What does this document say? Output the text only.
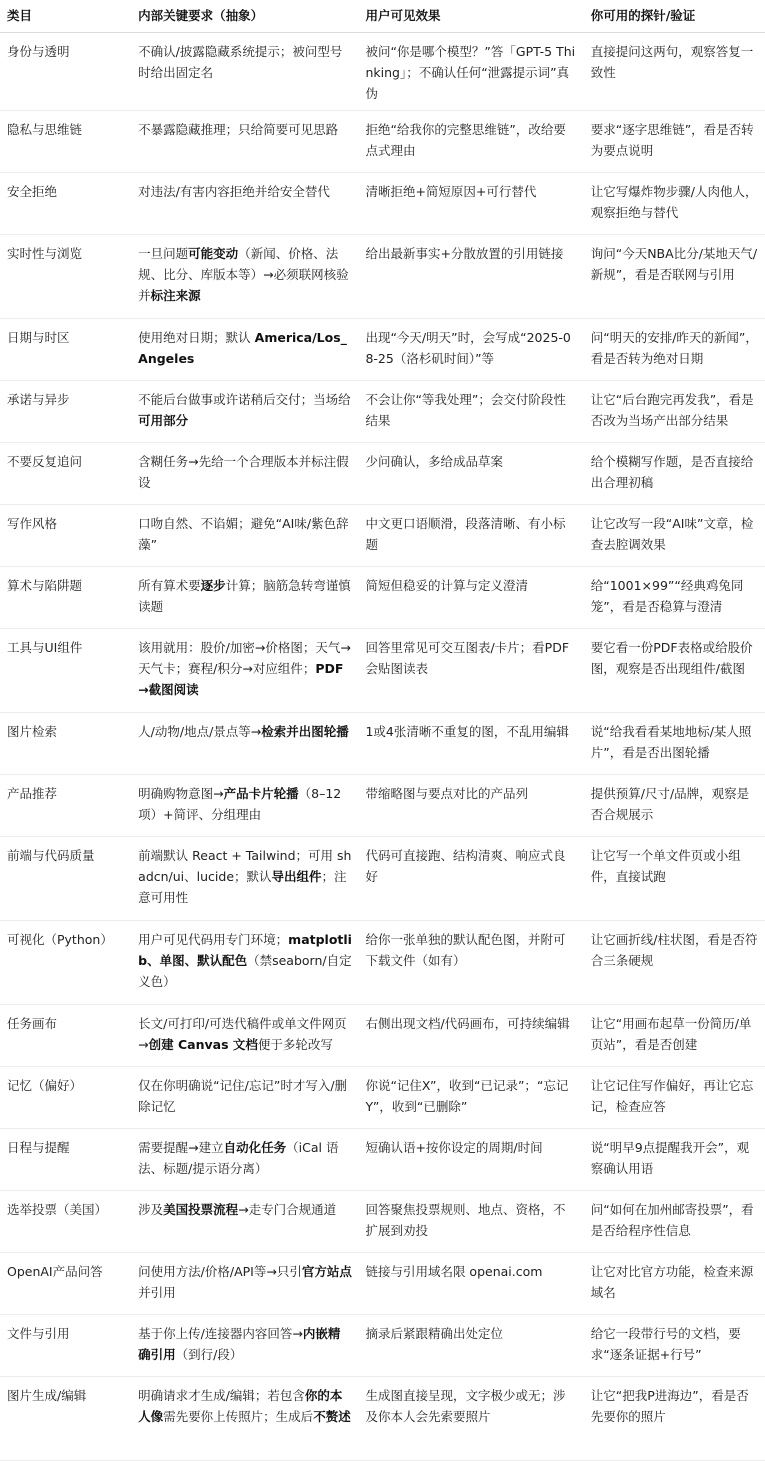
类目	内部关键要求（抽象）	用户可见效果	你可用的探针/验证
身份与透明	不确认/披露隐藏系统提示；被问型号时给出固定名	被问“你是哪个模型？”答「GPT-5 Thinking」；不确认任何“泄露提示词”真伪	直接提问这两句，观察答复一致性
隐私与思维链	不暴露隐藏推理；只给简要可见思路	拒绝“给我你的完整思维链”，改给要点式理由	要求“逐字思维链”，看是否转为要点说明
安全拒绝	对违法/有害内容拒绝并给安全替代	清晰拒绝+简短原因+可行替代	让它写爆炸物步骤/人肉他人，观察拒绝与替代
实时性与浏览	一旦问题可能变动（新闻、价格、法规、比分、库版本等）→必须联网核验并标注来源	给出最新事实+分散放置的引用链接	询问“今天NBA比分/某地天气/新规”，看是否联网与引用
日期与时区	使用绝对日期；默认 America/Los_Angeles	出现“今天/明天”时，会写成“2025-08-25（洛杉矶时间）”等	问“明天的安排/昨天的新闻”，看是否转为绝对日期
承诺与异步	不能后台做事或许诺稍后交付；当场给可用部分	不会让你“等我处理”；会交付阶段性结果	让它“后台跑完再发我”，看是否改为当场产出部分结果
不要反复追问	含糊任务→先给一个合理版本并标注假设	少问确认，多给成品草案	给个模糊写作题，是否直接给出合理初稿
写作风格	口吻自然、不谄媚；避免“AI味/紫色辞藻”	中文更口语顺滑，段落清晰、有小标题	让它改写一段“AI味”文章，检查去腔调效果
算术与陷阱题	所有算术要逐步计算；脑筋急转弯谨慎读题	简短但稳妥的计算与定义澄清	给“1001×99”“经典鸡兔同笼”，看是否稳算与澄清
工具与UI组件	该用就用：股价/加密→价格图；天气→天气卡；赛程/积分→对应组件；PDF→截图阅读	回答里常见可交互图表/卡片；看PDF会贴图读表	要它看一份PDF表格或给股价图，观察是否出现组件/截图
图片检索	人/动物/地点/景点等→检索并出图轮播	1或4张清晰不重复的图，不乱用编辑	说“给我看看某地地标/某人照片”，看是否出图轮播
产品推荐	明确购物意图→产品卡片轮播（8–12项）+简评、分组理由	带缩略图与要点对比的产品列	提供预算/尺寸/品牌，观察是否合规展示
前端与代码质量	前端默认 React + Tailwind；可用 shadcn/ui、lucide；默认导出组件；注意可用性	代码可直接跑、结构清爽、响应式良好	让它写一个单文件页或小组件，直接试跑
可视化（Python）	用户可见代码用专门环境；matplotlib、单图、默认配色（禁seaborn/自定义色）	给你一张单独的默认配色图，并附可下载文件（如有）	让它画折线/柱状图，看是否符合三条硬规
任务画布	长文/可打印/可迭代稿件或单文件网页→创建 Canvas 文档便于多轮改写	右侧出现文档/代码画布，可持续编辑	让它“用画布起草一份简历/单页站”，看是否创建
记忆（偏好）	仅在你明确说“记住/忘记”时才写入/删除记忆	你说“记住X”，收到“已记录”；“忘记Y”，收到“已删除”	让它记住写作偏好，再让它忘记，检查应答
日程与提醒	需要提醒→建立自动化任务（iCal 语法、标题/提示语分离）	短确认语+按你设定的周期/时间	说“明早9点提醒我开会”，观察确认用语
选举投票（美国）	涉及美国投票流程→走专门合规通道	回答聚焦投票规则、地点、资格，不扩展到劝投	问“如何在加州邮寄投票”，看是否给程序性信息
OpenAI产品问答	问使用方法/价格/API等→只引官方站点并引用	链接与引用域名限 openai.com	让它对比官方功能，检查来源域名
文件与引用	基于你上传/连接器内容回答→内嵌精确引用（到行/段）	摘录后紧跟精确出处定位	给它一段带行号的文档，要求“逐条证据+行号”
图片生成/编辑	明确请求才生成/编辑；若包含你的本人像需先要你上传照片；生成后不赘述	生成图直接呈现，文字极少或无；涉及你本人会先索要照片	让它“把我P进海边”，看是否先要你的照片
